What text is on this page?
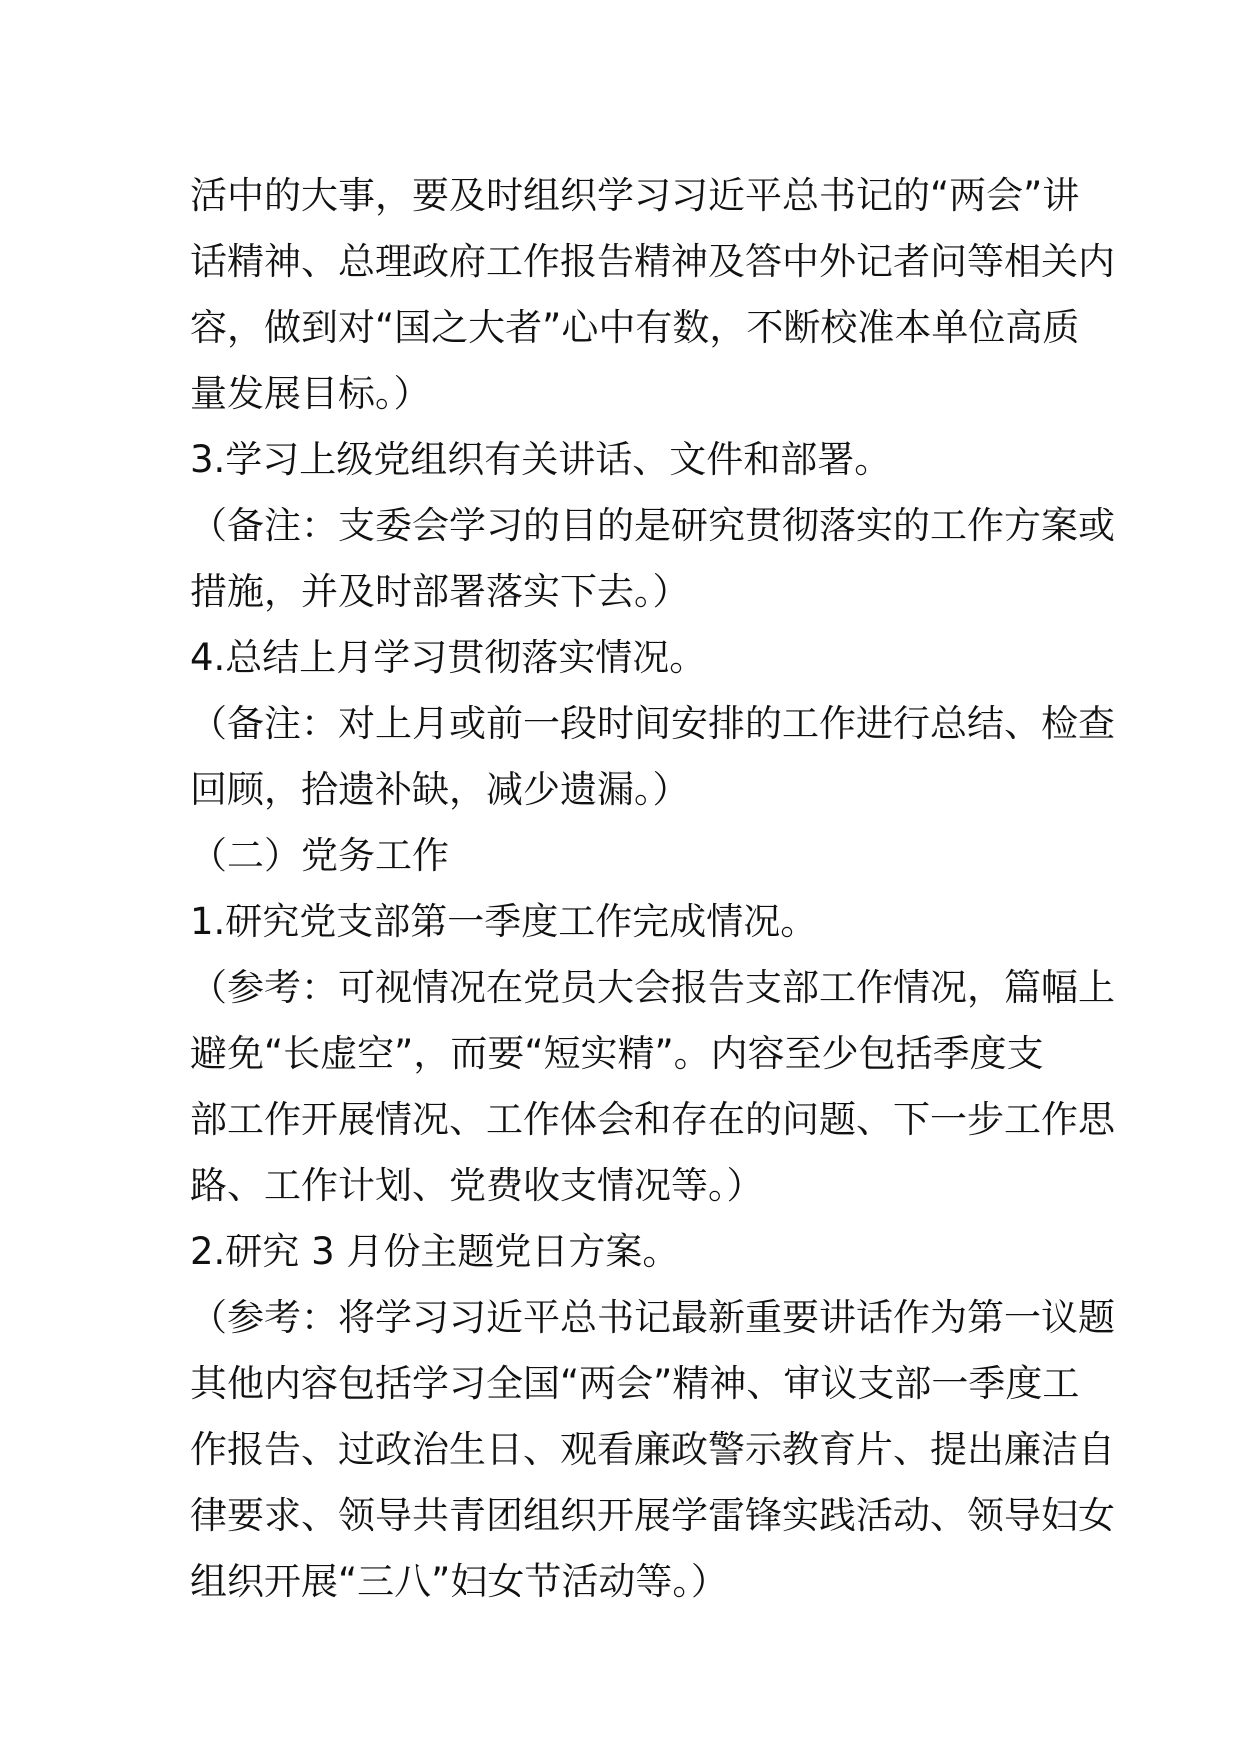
活中的大事，要及时组织学习习近平总书记的“两会”讲
话精神、总理政府工作报告精神及答中外记者问等相关内
容，做到对“国之大者”心中有数，不断校准本单位高质
量发展目标。）
3.学习上级党组织有关讲话、文件和部署。
（备注：支委会学习的目的是研究贯彻落实的工作方案或
措施，并及时部署落实下去。）
4.总结上月学习贯彻落实情况。
（备注：对上月或前一段时间安排的工作进行总结、检查
回顾，拾遗补缺，减少遗漏。）
（二）党务工作
1.研究党支部第一季度工作完成情况。
（参考：可视情况在党员大会报告支部工作情况，篇幅上
避免“长虚空”，而要“短实精”。内容至少包括季度支
部工作开展情况、工作体会和存在的问题、下一步工作思
路、工作计划、党费收支情况等。）
2.研究 3 月份主题党日方案。
（参考：将学习习近平总书记最新重要讲话作为第一议题
其他内容包括学习全国“两会”精神、审议支部一季度工
作报告、过政治生日、观看廉政警示教育片、提出廉洁自
律要求、领导共青团组织开展学雷锋实践活动、领导妇女
组织开展“三八”妇女节活动等。）
